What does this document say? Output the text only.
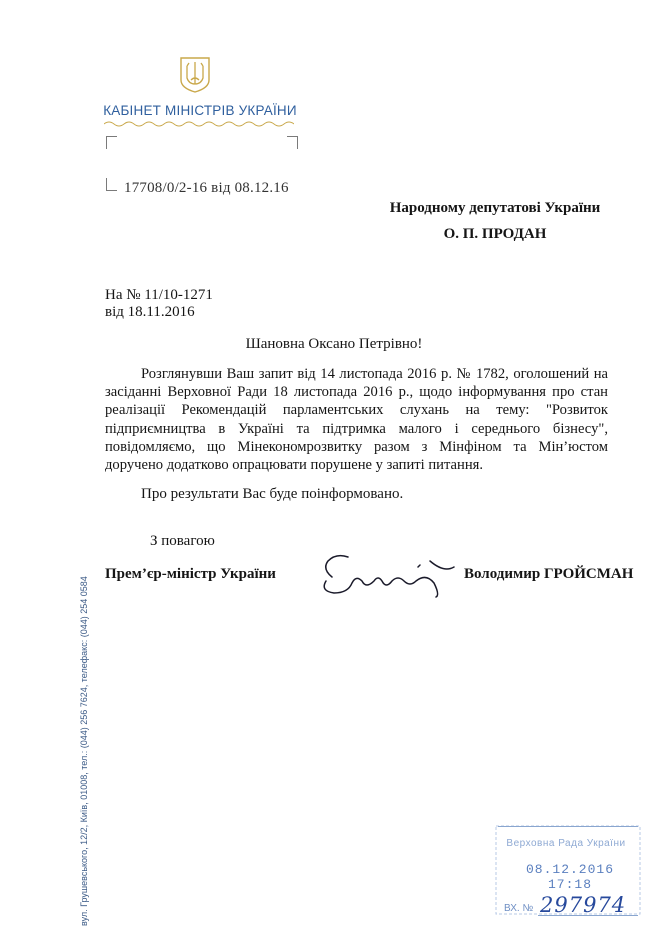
КАБІНЕТ МІНІСТРІВ УКРАЇНИ
17708/0/2-16 від 08.12.16
Народному депутатові України
О. П. ПРОДАН
На № 11/10-1271
від 18.11.2016
Шановна Оксано Петрівно!

Розглянувши Ваш запит від 14 листопада 2016 р. № 1782, оголошений на засіданні Верховної Ради 18 листопада 2016 р., щодо інформування про стан реалізації Рекомендацій парламентських слухань на тему: "Розвиток підприємництва в Україні та підтримка малого і середнього бізнесу", повідомляємо, що Мінекономрозвитку разом з Мінфіном та Мін’юстом доручено додатково опрацювати порушене у запиті питання.

Про результати Вас буде поінформовано.
З повагою
Прем’єр-міністр України	Володимир ГРОЙСМАН
вул. Грушевського, 12/2, Київ, 01008, тел.: (044) 256 7624, телефакс: (044) 254 0584	Верховна Рада України
08.12.2016 17:18
ВХ. № 297974
